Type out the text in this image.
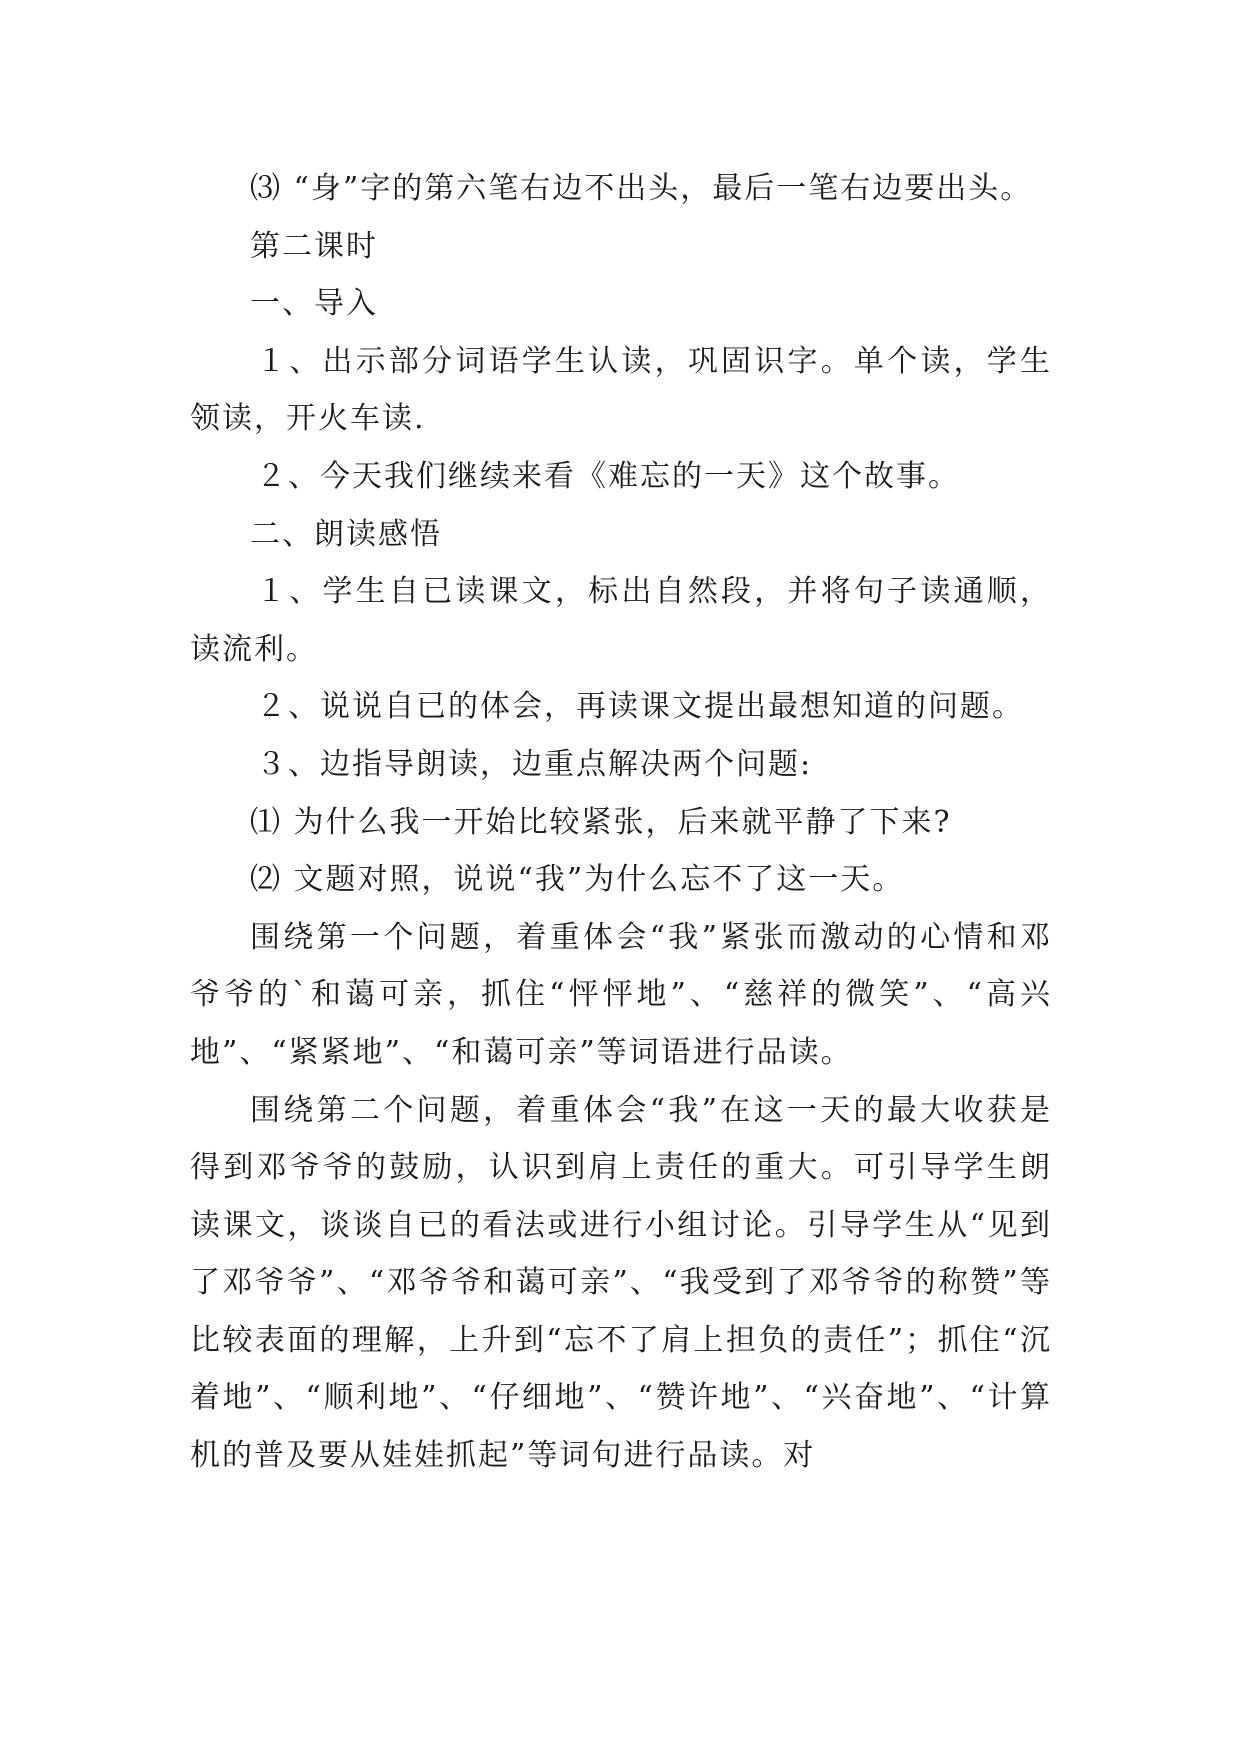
⑶ “身”字的第六笔右边不出头，最后一笔右边要出头。

第二课时

一、导入

１、出示部分词语学生认读，巩固识字。单个读，学生领读，开火车读.

２、今天我们继续来看《难忘的一天》这个故事。

二、朗读感悟

１、学生自已读课文，标出自然段，并将句子读通顺，读流利。

２、说说自已的体会，再读课文提出最想知道的问题。

３、边指导朗读，边重点解决两个问题:

⑴ 为什么我一开始比较紧张，后来就平静了下来?

⑵ 文题对照，说说“我”为什么忘不了这一天。

围绕第一个问题，着重体会“我”紧张而激动的心情和邓爷爷的`和蔼可亲，抓住“怦怦地”、“慈祥的微笑”、“高兴地”、“紧紧地”、“和蔼可亲”等词语进行品读。

围绕第二个问题，着重体会“我”在这一天的最大收获是得到邓爷爷的鼓励，认识到肩上责任的重大。可引导学生朗读课文，谈谈自已的看法或进行小组讨论。引导学生从“见到了邓爷爷”、“邓爷爷和蔼可亲”、“我受到了邓爷爷的称赞”等比较表面的理解，上升到“忘不了肩上担负的责任”；抓住“沉着地”、“顺利地”、“仔细地”、“赞许地”、“兴奋地”、“计算机的普及要从娃娃抓起”等词句进行品读。对
